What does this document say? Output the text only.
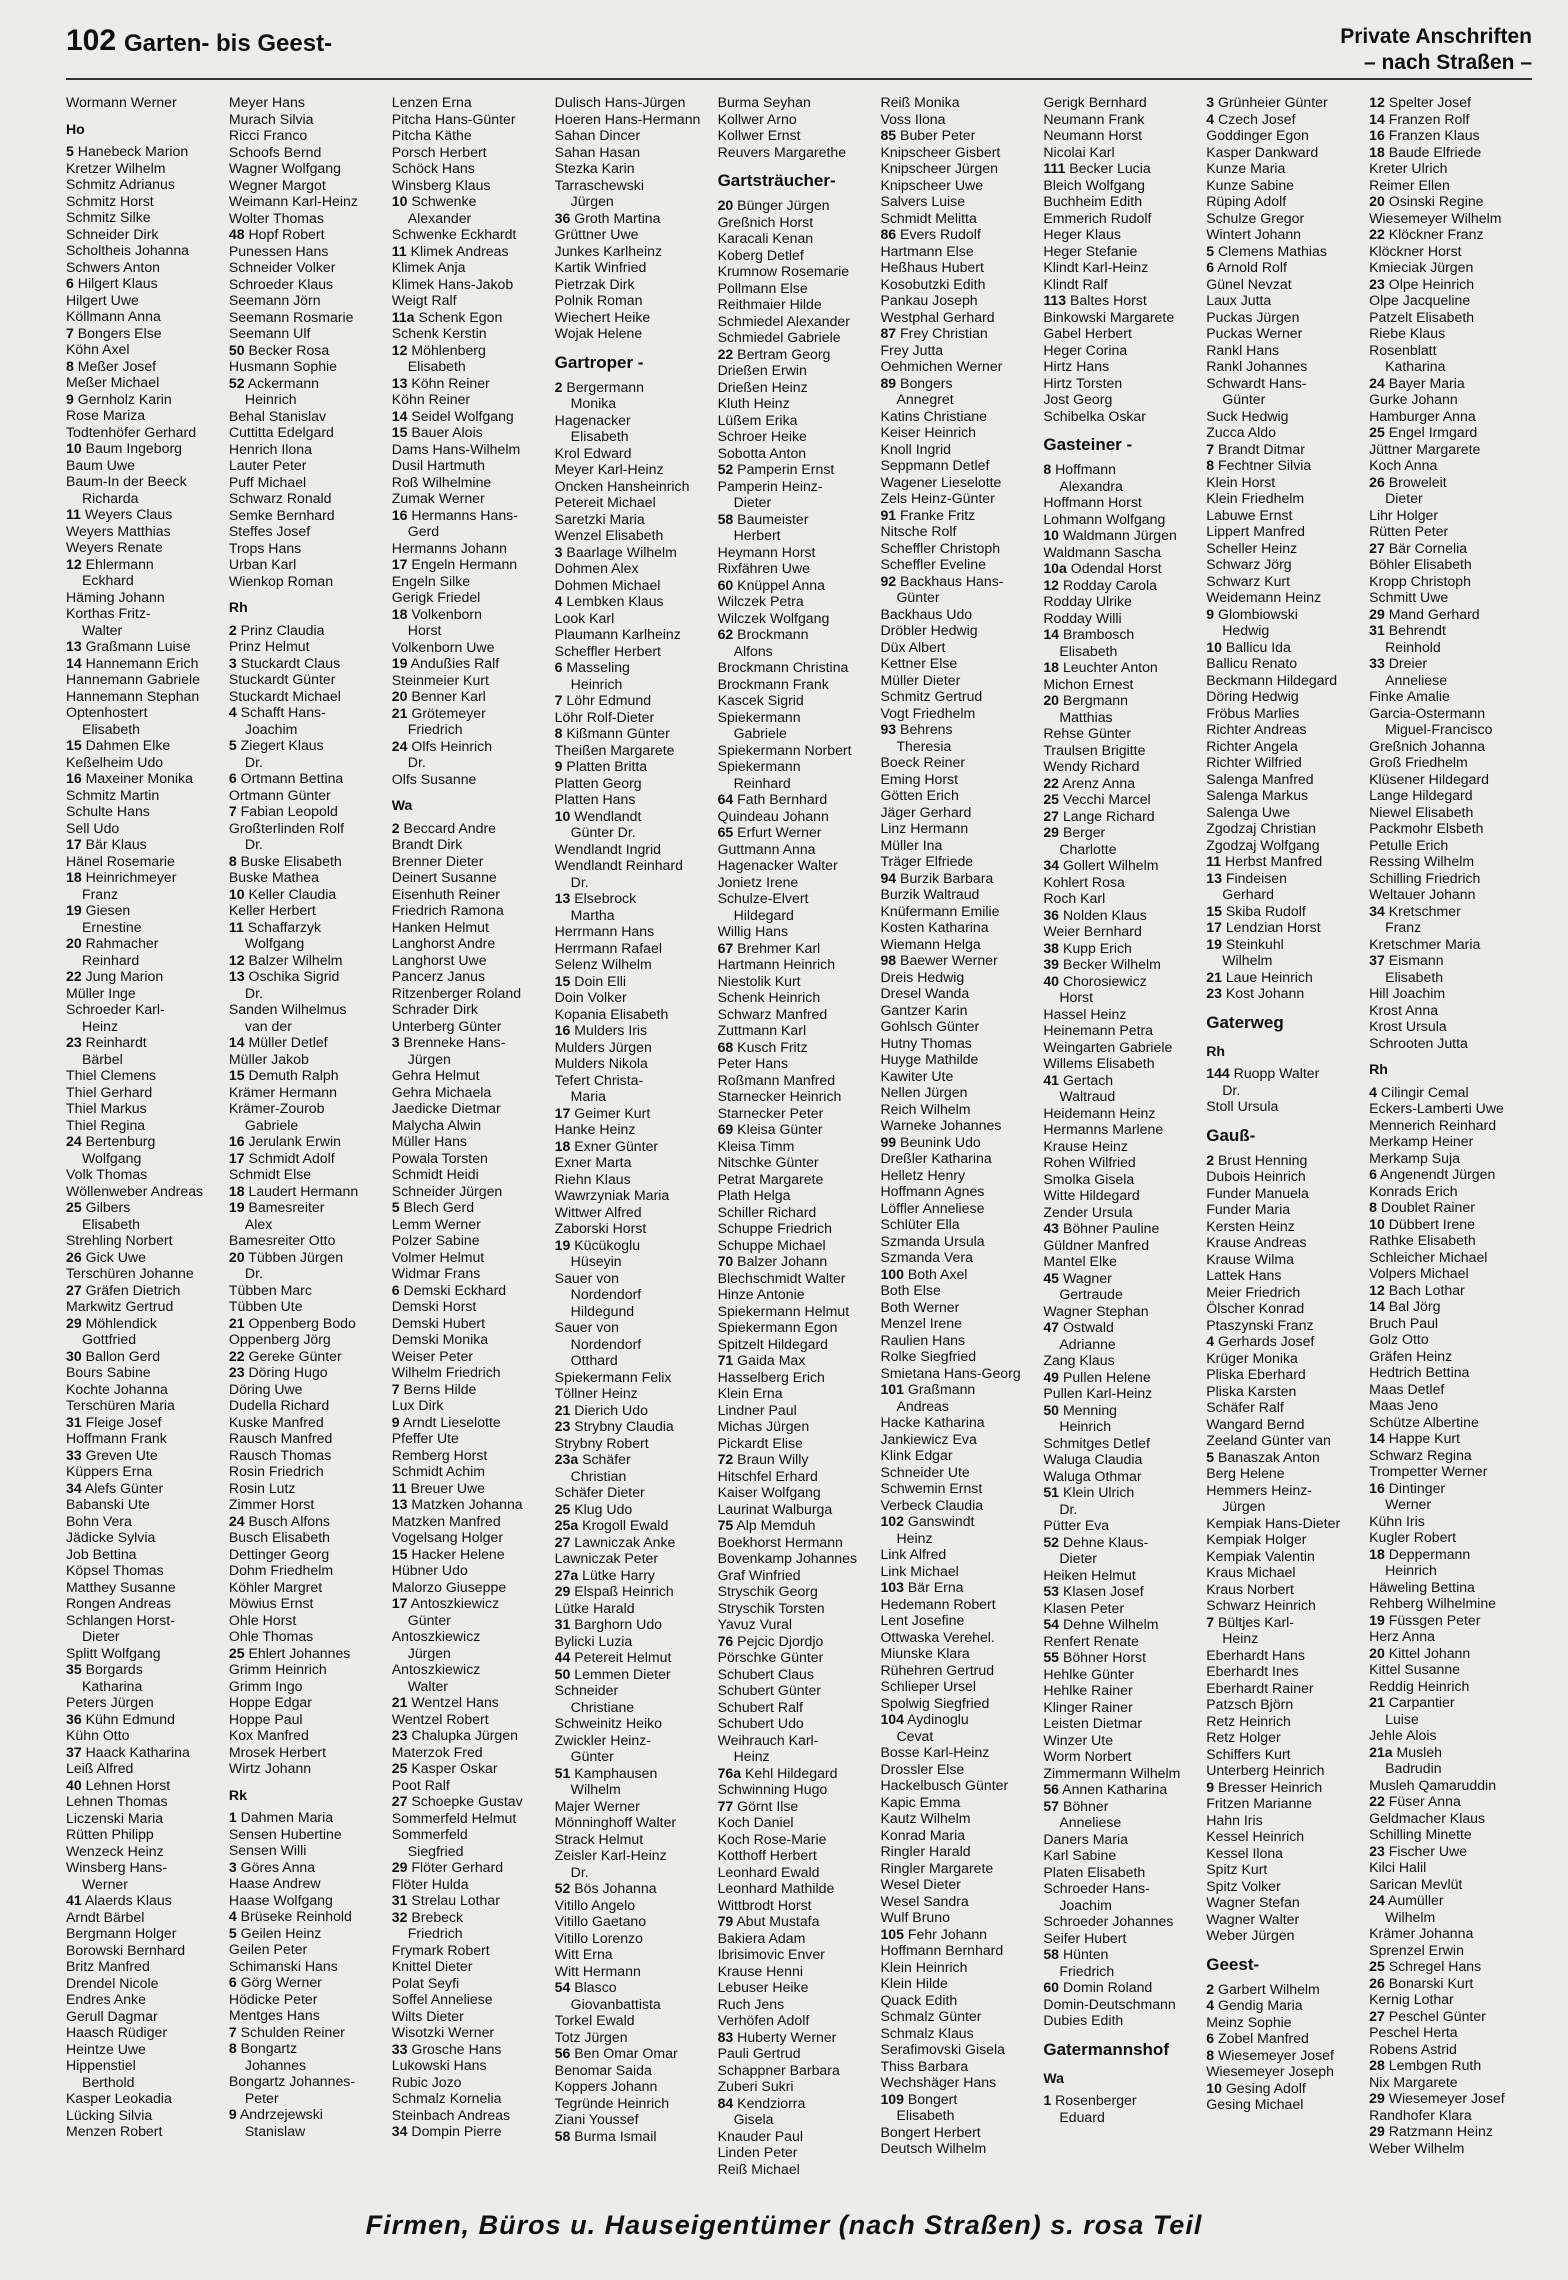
102 Garten- bis Geest-	Private Anschriften
– nach Straßen –

Wormann Werner

Ho

5 Hanebeck Marion

Kretzer Wilhelm

Schmitz Adrianus

Schmitz Horst

Schmitz Silke

Schneider Dirk

Scholtheis Johanna

Schwers Anton

6 Hilgert Klaus

Hilgert Uwe

Köllmann Anna

7 Bongers Else

Köhn Axel

8 Meßer Josef

Meßer Michael

9 Gernholz Karin

Rose Mariza

Todtenhöfer Gerhard

10 Baum Ingeborg

Baum Uwe

Baum-In der Beeck

Richarda

11 Weyers Claus

Weyers Matthias

Weyers Renate

12 Ehlermann

Eckhard

Häming Johann

Korthas Fritz-

Walter

13 Graßmann Luise

14 Hannemann Erich

Hannemann Gabriele

Hannemann Stephan

Optenhostert

Elisabeth

15 Dahmen Elke

Keßelheim Udo

16 Maxeiner Monika

Schmitz Martin

Schulte Hans

Sell Udo

17 Bär Klaus

Hänel Rosemarie

18 Heinrichmeyer

Franz

19 Giesen

Ernestine

20 Rahmacher

Reinhard

22 Jung Marion

Müller Inge

Schroeder Karl-

Heinz

23 Reinhardt

Bärbel

Thiel Clemens

Thiel Gerhard

Thiel Markus

Thiel Regina

24 Bertenburg

Wolfgang

Volk Thomas

Wöllenweber Andreas

25 Gilbers

Elisabeth

Strehling Norbert

26 Gick Uwe

Terschüren Johanne

27 Gräfen Dietrich

Markwitz Gertrud

29 Möhlendick

Gottfried

30 Ballon Gerd

Bours Sabine

Kochte Johanna

Terschüren Maria

31 Fleige Josef

Hoffmann Frank

33 Greven Ute

Küppers Erna

34 Alefs Günter

Babanski Ute

Bohn Vera

Jädicke Sylvia

Job Bettina

Köpsel Thomas

Matthey Susanne

Rongen Andreas

Schlangen Horst-

Dieter

Splitt Wolfgang

35 Borgards

Katharina

Peters Jürgen

36 Kühn Edmund

Kühn Otto

37 Haack Katharina

Leiß Alfred

40 Lehnen Horst

Lehnen Thomas

Liczenski Maria

Rütten Philipp

Wenzeck Heinz

Winsberg Hans-

Werner

41 Alaerds Klaus

Arndt Bärbel

Bergmann Holger

Borowski Bernhard

Britz Manfred

Drendel Nicole

Endres Anke

Gerull Dagmar

Haasch Rüdiger

Heintze Uwe

Hippenstiel

Berthold

Kasper Leokadia

Lücking Silvia

Menzen Robert

Meyer Hans

Murach Silvia

Ricci Franco

Schoofs Bernd

Wagner Wolfgang

Wegner Margot

Weimann Karl-Heinz

Wolter Thomas

48 Hopf Robert

Punessen Hans

Schneider Volker

Schroeder Klaus

Seemann Jörn

Seemann Rosmarie

Seemann Ulf

50 Becker Rosa

Husmann Sophie

52 Ackermann

Heinrich

Behal Stanislav

Cuttitta Edelgard

Henrich Ilona

Lauter Peter

Puff Michael

Schwarz Ronald

Semke Bernhard

Steffes Josef

Trops Hans

Urban Karl

Wienkop Roman

Rh

2 Prinz Claudia

Prinz Helmut

3 Stuckardt Claus

Stuckardt Günter

Stuckardt Michael

4 Schafft Hans-

Joachim

5 Ziegert Klaus

Dr.

6 Ortmann Bettina

Ortmann Günter

7 Fabian Leopold

Großterlinden Rolf

Dr.

8 Buske Elisabeth

Buske Mathea

10 Keller Claudia

Keller Herbert

11 Schaffarzyk

Wolfgang

12 Balzer Wilhelm

13 Oschika Sigrid

Dr.

Sanden Wilhelmus

van der

14 Müller Detlef

Müller Jakob

15 Demuth Ralph

Krämer Hermann

Krämer-Zourob

Gabriele

16 Jerulank Erwin

17 Schmidt Adolf

Schmidt Else

18 Laudert Hermann

19 Bamesreiter

Alex

Bamesreiter Otto

20 Tübben Jürgen

Dr.

Tübben Marc

Tübben Ute

21 Oppenberg Bodo

Oppenberg Jörg

22 Gereke Günter

23 Döring Hugo

Döring Uwe

Dudella Richard

Kuske Manfred

Rausch Manfred

Rausch Thomas

Rosin Friedrich

Rosin Lutz

Zimmer Horst

24 Busch Alfons

Busch Elisabeth

Dettinger Georg

Dohm Friedhelm

Köhler Margret

Möwius Ernst

Ohle Horst

Ohle Thomas

25 Ehlert Johannes

Grimm Heinrich

Grimm Ingo

Hoppe Edgar

Hoppe Paul

Kox Manfred

Mrosek Herbert

Wirtz Johann

Rk

1 Dahmen Maria

Sensen Hubertine

Sensen Willi

3 Göres Anna

Haase Andrew

Haase Wolfgang

4 Brüseke Reinhold

5 Geilen Heinz

Geilen Peter

Schimanski Hans

6 Görg Werner

Hödicke Peter

Mentges Hans

7 Schulden Reiner

8 Bongartz

Johannes

Bongartz Johannes-

Peter

9 Andrzejewski

Stanislaw

Lenzen Erna

Pitcha Hans-Günter

Pitcha Käthe

Porsch Herbert

Schöck Hans

Winsberg Klaus

10 Schwenke

Alexander

Schwenke Eckhardt

11 Klimek Andreas

Klimek Anja

Klimek Hans-Jakob

Weigt Ralf

11a Schenk Egon

Schenk Kerstin

12 Möhlenberg

Elisabeth

13 Köhn Reiner

Köhn Reiner

14 Seidel Wolfgang

15 Bauer Alois

Dams Hans-Wilhelm

Dusil Hartmuth

Roß Wilhelmine

Zumak Werner

16 Hermanns Hans-

Gerd

Hermanns Johann

17 Engeln Hermann

Engeln Silke

Gerigk Friedel

18 Volkenborn

Horst

Volkenborn Uwe

19 Andußies Ralf

Steinmeier Kurt

20 Benner Karl

21 Grötemeyer

Friedrich

24 Olfs Heinrich

Dr.

Olfs Susanne

Wa

2 Beccard Andre

Brandt Dirk

Brenner Dieter

Deinert Susanne

Eisenhuth Reiner

Friedrich Ramona

Hanken Helmut

Langhorst Andre

Langhorst Uwe

Pancerz Janus

Ritzenberger Roland

Schrader Dirk

Unterberg Günter

3 Brenneke Hans-

Jürgen

Gehra Helmut

Gehra Michaela

Jaedicke Dietmar

Malycha Alwin

Müller Hans

Powala Torsten

Schmidt Heidi

Schneider Jürgen

5 Blech Gerd

Lemm Werner

Polzer Sabine

Volmer Helmut

Widmar Frans

6 Demski Eckhard

Demski Horst

Demski Hubert

Demski Monika

Weiser Peter

Wilhelm Friedrich

7 Berns Hilde

Lux Dirk

9 Arndt Lieselotte

Pfeffer Ute

Remberg Horst

Schmidt Achim

11 Breuer Uwe

13 Matzken Johanna

Matzken Manfred

Vogelsang Holger

15 Hacker Helene

Hübner Udo

Malorzo Giuseppe

17 Antoszkiewicz

Günter

Antoszkiewicz

Jürgen

Antoszkiewicz

Walter

21 Wentzel Hans

Wentzel Robert

23 Chalupka Jürgen

Materzok Fred

25 Kasper Oskar

Poot Ralf

27 Schoepke Gustav

Sommerfeld Helmut

Sommerfeld

Siegfried

29 Flöter Gerhard

Flöter Hulda

31 Strelau Lothar

32 Brebeck

Friedrich

Frymark Robert

Knittel Dieter

Polat Seyfi

Soffel Anneliese

Wilts Dieter

Wisotzki Werner

33 Grosche Hans

Lukowski Hans

Rubic Jozo

Schmalz Kornelia

Steinbach Andreas

34 Dompin Pierre

Dulisch Hans-Jürgen

Hoeren Hans-Hermann

Sahan Dincer

Sahan Hasan

Stezka Karin

Tarraschewski

Jürgen

36 Groth Martina

Grüttner Uwe

Junkes Karlheinz

Kartik Winfried

Pietrzak Dirk

Polnik Roman

Wiechert Heike

Wojak Helene

Gartroper -

2 Bergermann

Monika

Hagenacker

Elisabeth

Krol Edward

Meyer Karl-Heinz

Oncken Hansheinrich

Petereit Michael

Saretzki Maria

Wenzel Elisabeth

3 Baarlage Wilhelm

Dohmen Alex

Dohmen Michael

4 Lembken Klaus

Look Karl

Plaumann Karlheinz

Scheffler Herbert

6 Masseling

Heinrich

7 Löhr Edmund

Löhr Rolf-Dieter

8 Kißmann Günter

Theißen Margarete

9 Platten Britta

Platten Georg

Platten Hans

10 Wendlandt

Günter Dr.

Wendlandt Ingrid

Wendlandt Reinhard

Dr.

13 Elsebrock

Martha

Herrmann Hans

Herrmann Rafael

Selenz Wilhelm

15 Doin Elli

Doin Volker

Kopania Elisabeth

16 Mulders Iris

Mulders Jürgen

Mulders Nikola

Tefert Christa-

Maria

17 Geimer Kurt

Hanke Heinz

18 Exner Günter

Exner Marta

Riehn Klaus

Wawrzyniak Maria

Wittwer Alfred

Zaborski Horst

19 Kücükoglu

Hüseyin

Sauer von

Nordendorf

Hildegund

Sauer von

Nordendorf

Otthard

Spiekermann Felix

Töllner Heinz

21 Dierich Udo

23 Strybny Claudia

Strybny Robert

23a Schäfer

Christian

Schäfer Dieter

25 Klug Udo

25a Krogoll Ewald

27 Lawniczak Anke

Lawniczak Peter

27a Lütke Harry

29 Elspaß Heinrich

Lütke Harald

31 Barghorn Udo

Bylicki Luzia

44 Petereit Helmut

50 Lemmen Dieter

Schneider

Christiane

Schweinitz Heiko

Zwickler Heinz-

Günter

51 Kamphausen

Wilhelm

Majer Werner

Mönninghoff Walter

Strack Helmut

Zeisler Karl-Heinz

Dr.

52 Bös Johanna

Vitillo Angelo

Vitillo Gaetano

Vitillo Lorenzo

Witt Erna

Witt Hermann

54 Blasco

Giovanbattista

Torkel Ewald

Totz Jürgen

56 Ben Omar Omar

Benomar Saida

Koppers Johann

Tegründe Heinrich

Ziani Youssef

58 Burma Ismail

Burma Seyhan

Kollwer Arno

Kollwer Ernst

Reuvers Margarethe

Gartsträucher-

20 Bünger Jürgen

Greßnich Horst

Karacali Kenan

Koberg Detlef

Krumnow Rosemarie

Pollmann Else

Reithmaier Hilde

Schmiedel Alexander

Schmiedel Gabriele

22 Bertram Georg

Drießen Erwin

Drießen Heinz

Kluth Heinz

Lüßem Erika

Schroer Heike

Sobotta Anton

52 Pamperin Ernst

Pamperin Heinz-

Dieter

58 Baumeister

Herbert

Heymann Horst

Rixfähren Uwe

60 Knüppel Anna

Wilczek Petra

Wilczek Wolfgang

62 Brockmann

Alfons

Brockmann Christina

Brockmann Frank

Kascek Sigrid

Spiekermann

Gabriele

Spiekermann Norbert

Spiekermann

Reinhard

64 Fath Bernhard

Quindeau Johann

65 Erfurt Werner

Guttmann Anna

Hagenacker Walter

Jonietz Irene

Schulze-Elvert

Hildegard

Willig Hans

67 Brehmer Karl

Hartmann Heinrich

Niestolik Kurt

Schenk Heinrich

Schwarz Manfred

Zuttmann Karl

68 Kusch Fritz

Peter Hans

Roßmann Manfred

Starnecker Heinrich

Starnecker Peter

69 Kleisa Günter

Kleisa Timm

Nitschke Günter

Petrat Margarete

Plath Helga

Schiller Richard

Schuppe Friedrich

Schuppe Michael

70 Balzer Johann

Blechschmidt Walter

Hinze Antonie

Spiekermann Helmut

Spiekermann Egon

Spitzelt Hildegard

71 Gaida Max

Hasselberg Erich

Klein Erna

Lindner Paul

Michas Jürgen

Pickardt Elise

72 Braun Willy

Hitschfel Erhard

Kaiser Wolfgang

Laurinat Walburga

75 Alp Memduh

Boekhorst Hermann

Bovenkamp Johannes

Graf Winfried

Stryschik Georg

Stryschik Torsten

Yavuz Vural

76 Pejcic Djordjo

Pörschke Günter

Schubert Claus

Schubert Günter

Schubert Ralf

Schubert Udo

Weihrauch Karl-

Heinz

76a Kehl Hildegard

Schwinning Hugo

77 Görnt Ilse

Koch Daniel

Koch Rose-Marie

Kotthoff Herbert

Leonhard Ewald

Leonhard Mathilde

Wittbrodt Horst

79 Abut Mustafa

Bakiera Adam

Ibrisimovic Enver

Krause Henni

Lebuser Heike

Ruch Jens

Verhöfen Adolf

83 Huberty Werner

Pauli Gertrud

Schappner Barbara

Zuberi Sukri

84 Kendziorra

Gisela

Knauder Paul

Linden Peter

Reiß Michael

Reiß Monika

Voss Ilona

85 Buber Peter

Knipscheer Gisbert

Knipscheer Jürgen

Knipscheer Uwe

Salvers Luise

Schmidt Melitta

86 Evers Rudolf

Hartmann Else

Heßhaus Hubert

Kosobutzki Edith

Pankau Joseph

Westphal Gerhard

87 Frey Christian

Frey Jutta

Oehmichen Werner

89 Bongers

Annegret

Katins Christiane

Keiser Heinrich

Knoll Ingrid

Seppmann Detlef

Wagener Lieselotte

Zels Heinz-Günter

91 Franke Fritz

Nitsche Rolf

Scheffler Christoph

Scheffler Eveline

92 Backhaus Hans-

Günter

Backhaus Udo

Dröbler Hedwig

Düx Albert

Kettner Else

Müller Dieter

Schmitz Gertrud

Vogt Friedhelm

93 Behrens

Theresia

Boeck Reiner

Eming Horst

Götten Erich

Jäger Gerhard

Linz Hermann

Müller Ina

Träger Elfriede

94 Burzik Barbara

Burzik Waltraud

Knüfermann Emilie

Kosten Katharina

Wiemann Helga

98 Baewer Werner

Dreis Hedwig

Dresel Wanda

Gantzer Karin

Gohlsch Günter

Hutny Thomas

Huyge Mathilde

Kawiter Ute

Nellen Jürgen

Reich Wilhelm

Warneke Johannes

99 Beunink Udo

Dreßler Katharina

Helletz Henry

Hoffmann Agnes

Löffler Anneliese

Schlüter Ella

Szmanda Ursula

Szmanda Vera

100 Both Axel

Both Else

Both Werner

Menzel Irene

Raulien Hans

Rolke Siegfried

Smietana Hans-Georg

101 Graßmann

Andreas

Hacke Katharina

Jankiewicz Eva

Klink Edgar

Schneider Ute

Schwemin Ernst

Verbeck Claudia

102 Ganswindt

Heinz

Link Alfred

Link Michael

103 Bär Erna

Hedemann Robert

Lent Josefine

Ottwaska Verehel.

Miunske Klara

Rühehren Gertrud

Schlieper Ursel

Spolwig Siegfried

104 Aydinoglu

Cevat

Bosse Karl-Heinz

Drossler Else

Hackelbusch Günter

Kapic Emma

Kautz Wilhelm

Konrad Maria

Ringler Harald

Ringler Margarete

Wesel Dieter

Wesel Sandra

Wulf Bruno

105 Fehr Johann

Hoffmann Bernhard

Klein Heinrich

Klein Hilde

Quack Edith

Schmalz Günter

Schmalz Klaus

Serafimovski Gisela

Thiss Barbara

Wechshäger Hans

109 Bongert

Elisabeth

Bongert Herbert

Deutsch Wilhelm

Gerigk Bernhard

Neumann Frank

Neumann Horst

Nicolai Karl

111 Becker Lucia

Bleich Wolfgang

Buchheim Edith

Emmerich Rudolf

Heger Klaus

Heger Stefanie

Klindt Karl-Heinz

Klindt Ralf

113 Baltes Horst

Binkowski Margarete

Gabel Herbert

Heger Corina

Hirtz Hans

Hirtz Torsten

Jost Georg

Schibelka Oskar

Gasteiner -

8 Hoffmann

Alexandra

Hoffmann Horst

Lohmann Wolfgang

10 Waldmann Jürgen

Waldmann Sascha

10a Odendal Horst

12 Rodday Carola

Rodday Ulrike

Rodday Willi

14 Brambosch

Elisabeth

18 Leuchter Anton

Michon Ernest

20 Bergmann

Matthias

Rehse Günter

Traulsen Brigitte

Wendy Richard

22 Arenz Anna

25 Vecchi Marcel

27 Lange Richard

29 Berger

Charlotte

34 Gollert Wilhelm

Kohlert Rosa

Roch Karl

36 Nolden Klaus

Weier Bernhard

38 Kupp Erich

39 Becker Wilhelm

40 Chorosiewicz

Horst

Hassel Heinz

Heinemann Petra

Weingarten Gabriele

Willems Elisabeth

41 Gertach

Waltraud

Heidemann Heinz

Hermanns Marlene

Krause Heinz

Rohen Wilfried

Smolka Gisela

Witte Hildegard

Zender Ursula

43 Böhner Pauline

Güldner Manfred

Mantel Elke

45 Wagner

Gertraude

Wagner Stephan

47 Ostwald

Adrianne

Zang Klaus

49 Pullen Helene

Pullen Karl-Heinz

50 Menning

Heinrich

Schmitges Detlef

Waluga Claudia

Waluga Othmar

51 Klein Ulrich

Dr.

Pütter Eva

52 Dehne Klaus-

Dieter

Heiken Helmut

53 Klasen Josef

Klasen Peter

54 Dehne Wilhelm

Renfert Renate

55 Böhner Horst

Hehlke Günter

Hehlke Rainer

Klinger Rainer

Leisten Dietmar

Winzer Ute

Worm Norbert

Zimmermann Wilhelm

56 Annen Katharina

57 Böhner

Anneliese

Daners Maria

Karl Sabine

Platen Elisabeth

Schroeder Hans-

Joachim

Schroeder Johannes

Seifer Hubert

58 Hünten

Friedrich

60 Domin Roland

Domin-Deutschmann

Dubies Edith

Gatermannshof

Wa

1 Rosenberger

Eduard

3 Grünheier Günter

4 Czech Josef

Goddinger Egon

Kasper Dankward

Kunze Maria

Kunze Sabine

Rüping Adolf

Schulze Gregor

Wintert Johann

5 Clemens Mathias

6 Arnold Rolf

Günel Nevzat

Laux Jutta

Puckas Jürgen

Puckas Werner

Rankl Hans

Rankl Johannes

Schwardt Hans-

Günter

Suck Hedwig

Zucca Aldo

7 Brandt Ditmar

8 Fechtner Silvia

Klein Horst

Klein Friedhelm

Labuwe Ernst

Lippert Manfred

Scheller Heinz

Schwarz Jörg

Schwarz Kurt

Weidemann Heinz

9 Glombiowski

Hedwig

10 Ballicu Ida

Ballicu Renato

Beckmann Hildegard

Döring Hedwig

Fröbus Marlies

Richter Andreas

Richter Angela

Richter Wilfried

Salenga Manfred

Salenga Markus

Salenga Uwe

Zgodzaj Christian

Zgodzaj Wolfgang

11 Herbst Manfred

13 Findeisen

Gerhard

15 Skiba Rudolf

17 Lendzian Horst

19 Steinkuhl

Wilhelm

21 Laue Heinrich

23 Kost Johann

Gaterweg

Rh

144 Ruopp Walter

Dr.

Stoll Ursula

Gauß-

2 Brust Henning

Dubois Heinrich

Funder Manuela

Funder Maria

Kersten Heinz

Krause Andreas

Krause Wilma

Lattek Hans

Meier Friedrich

Ölscher Konrad

Ptaszynski Franz

4 Gerhards Josef

Krüger Monika

Pliska Eberhard

Pliska Karsten

Schäfer Ralf

Wangard Bernd

Zeeland Günter van

5 Banaszak Anton

Berg Helene

Hemmers Heinz-

Jürgen

Kempiak Hans-Dieter

Kempiak Holger

Kempiak Valentin

Kraus Michael

Kraus Norbert

Schwarz Heinrich

7 Bültjes Karl-

Heinz

Eberhardt Hans

Eberhardt Ines

Eberhardt Rainer

Patzsch Björn

Retz Heinrich

Retz Holger

Schiffers Kurt

Unterberg Heinrich

9 Bresser Heinrich

Fritzen Marianne

Hahn Iris

Kessel Heinrich

Kessel Ilona

Spitz Kurt

Spitz Volker

Wagner Stefan

Wagner Walter

Weber Jürgen

Geest-

2 Garbert Wilhelm

4 Gendig Maria

Meinz Sophie

6 Zobel Manfred

8 Wiesemeyer Josef

Wiesemeyer Joseph

10 Gesing Adolf

Gesing Michael

12 Spelter Josef

14 Franzen Rolf

16 Franzen Klaus

18 Baude Elfriede

Kreter Ulrich

Reimer Ellen

20 Osinski Regine

Wiesemeyer Wilhelm

22 Klöckner Franz

Klöckner Horst

Kmieciak Jürgen

23 Olpe Heinrich

Olpe Jacqueline

Patzelt Elisabeth

Riebe Klaus

Rosenblatt

Katharina

24 Bayer Maria

Gurke Johann

Hamburger Anna

25 Engel Irmgard

Jüttner Margarete

Koch Anna

26 Broweleit

Dieter

Lihr Holger

Rütten Peter

27 Bär Cornelia

Böhler Elisabeth

Kropp Christoph

Schmitt Uwe

29 Mand Gerhard

31 Behrendt

Reinhold

33 Dreier

Anneliese

Finke Amalie

Garcia-Ostermann

Miguel-Francisco

Greßnich Johanna

Groß Friedhelm

Klüsener Hildegard

Lange Hildegard

Niewel Elisabeth

Packmohr Elsbeth

Petulle Erich

Ressing Wilhelm

Schilling Friedrich

Weltauer Johann

34 Kretschmer

Franz

Kretschmer Maria

37 Eismann

Elisabeth

Hill Joachim

Krost Anna

Krost Ursula

Schrooten Jutta

Rh

4 Cilingir Cemal

Eckers-Lamberti Uwe

Mennerich Reinhard

Merkamp Heiner

Merkamp Suja

6 Angenendt Jürgen

Konrads Erich

8 Doublet Rainer

10 Dübbert Irene

Rathke Elisabeth

Schleicher Michael

Volpers Michael

12 Bach Lothar

14 Bal Jörg

Bruch Paul

Golz Otto

Gräfen Heinz

Hedtrich Bettina

Maas Detlef

Maas Jeno

Schütze Albertine

14 Happe Kurt

Schwarz Regina

Trompetter Werner

16 Dintinger

Werner

Kühn Iris

Kugler Robert

18 Deppermann

Heinrich

Häweling Bettina

Rehberg Wilhelmine

19 Füssgen Peter

Herz Anna

20 Kittel Johann

Kittel Susanne

Reddig Heinrich

21 Carpantier

Luise

Jehle Alois

21a Musleh

Badrudin

Musleh Qamaruddin

22 Füser Anna

Geldmacher Klaus

Schilling Minette

23 Fischer Uwe

Kilci Halil

Sarican Mevlüt

24 Aumüller

Wilhelm

Krämer Johanna

Sprenzel Erwin

25 Schregel Hans

26 Bonarski Kurt

Kernig Lothar

27 Peschel Günter

Peschel Herta

Robens Astrid

28 Lembgen Ruth

Nix Margarete

29 Wiesemeyer Josef

Randhofer Klara

29 Ratzmann Heinz

Weber Wilhelm

Firmen, Büros u. Hauseigentümer (nach Straßen) s. rosa Teil
